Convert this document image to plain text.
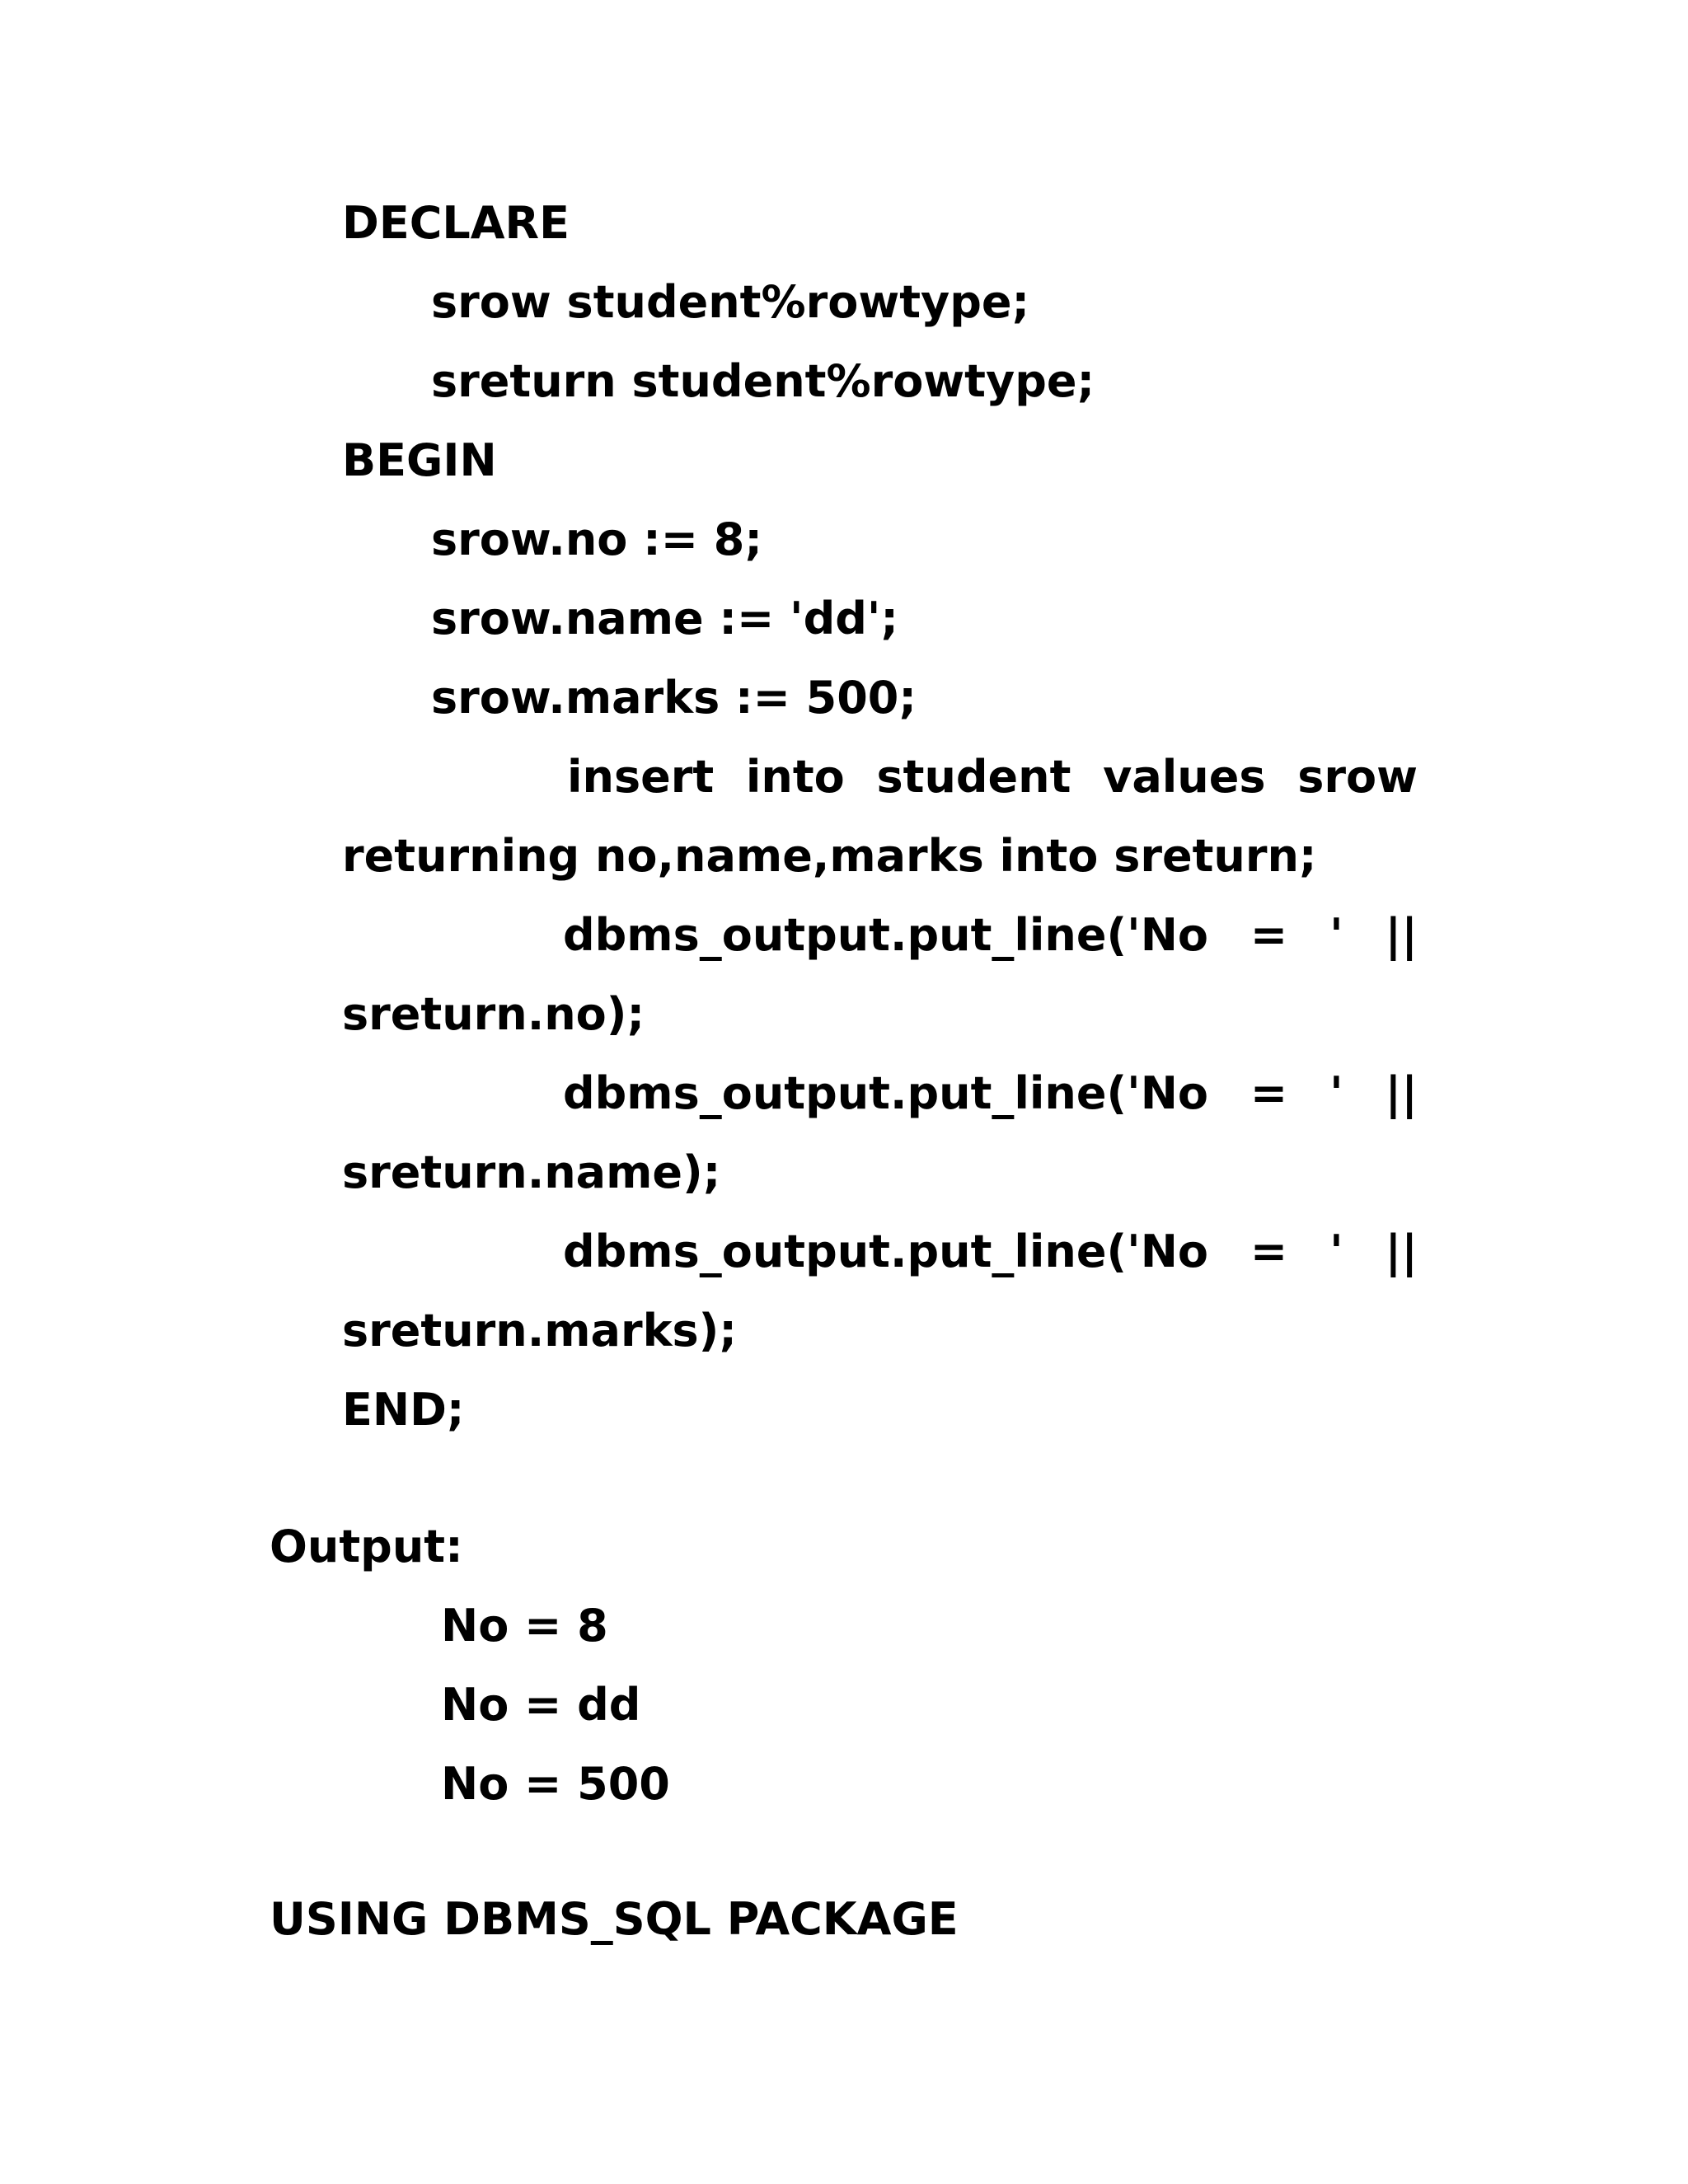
DECLARE
srow student%rowtype;
sreturn student%rowtype;
BEGIN
srow.no := 8;
srow.name := 'dd';
srow.marks := 500;
insert into student values srow
returning no,name,marks into sreturn;
dbms_output.put_line('No = ' ||
sreturn.no);
dbms_output.put_line('No = ' ||
sreturn.name);
dbms_output.put_line('No = ' ||
sreturn.marks);
END;
Output:
No = 8
No = dd
No = 500
USING DBMS_SQL PACKAGE
